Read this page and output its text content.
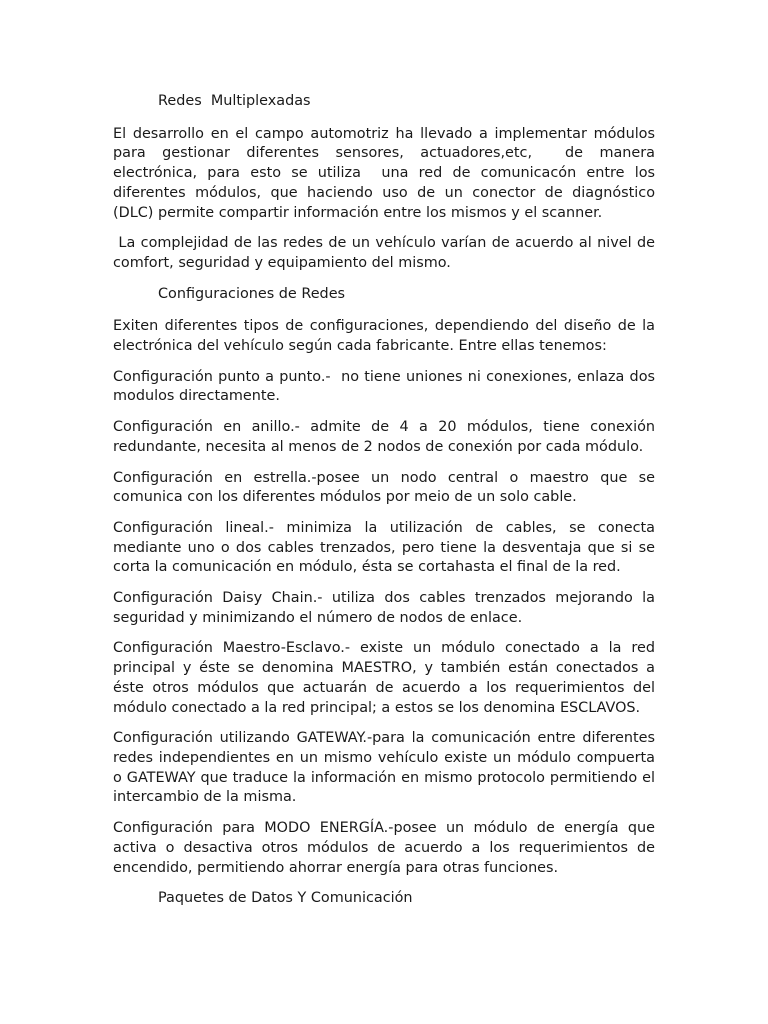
Redes  Multiplexadas

El desarrollo en el campo automotriz ha llevado a implementar módulos para gestionar diferentes sensores, actuadores,etc,  de manera electrónica, para esto se utiliza  una red de comunicacón entre los diferentes módulos, que haciendo uso de un conector de diagnóstico (DLC) permite compartir información entre los mismos y el scanner.

La complejidad de las redes de un vehículo varían de acuerdo al nivel de comfort, seguridad y equipamiento del mismo.

Configuraciones de Redes

Exiten diferentes tipos de configuraciones, dependiendo del diseño de la electrónica del vehículo según cada fabricante. Entre ellas tenemos:

Configuración punto a punto.-  no tiene uniones ni conexiones, enlaza dos modulos directamente.

Configuración en anillo.- admite de 4 a 20 módulos, tiene conexión redundante, necesita al menos de 2 nodos de conexión por cada módulo.

Configuración en estrella.-posee un nodo central o maestro que se comunica con los diferentes módulos por meio de un solo cable.

Configuración lineal.- minimiza la utilización de cables, se conecta mediante uno o dos cables trenzados, pero tiene la desventaja que si se corta la comunicación en módulo, ésta se cortahasta el final de la red.

Configuración Daisy Chain.- utiliza dos cables trenzados mejorando la seguridad y minimizando el número de nodos de enlace.

Configuración Maestro-Esclavo.- existe un módulo conectado a la red principal y éste se denomina MAESTRO, y también están conectados a éste otros módulos que actuarán de acuerdo a los requerimientos del módulo conectado a la red principal; a estos se los denomina ESCLAVOS.

Configuración utilizando GATEWAY.-para la comunicación entre diferentes redes independientes en un mismo vehículo existe un módulo compuerta o GATEWAY que traduce la información en mismo protocolo permitiendo el intercambio de la misma.

Configuración para MODO ENERGÍA.-posee un módulo de energía que activa o desactiva otros módulos de acuerdo a los requerimientos de encendido, permitiendo ahorrar energía para otras funciones.

Paquetes de Datos Y Comunicación
